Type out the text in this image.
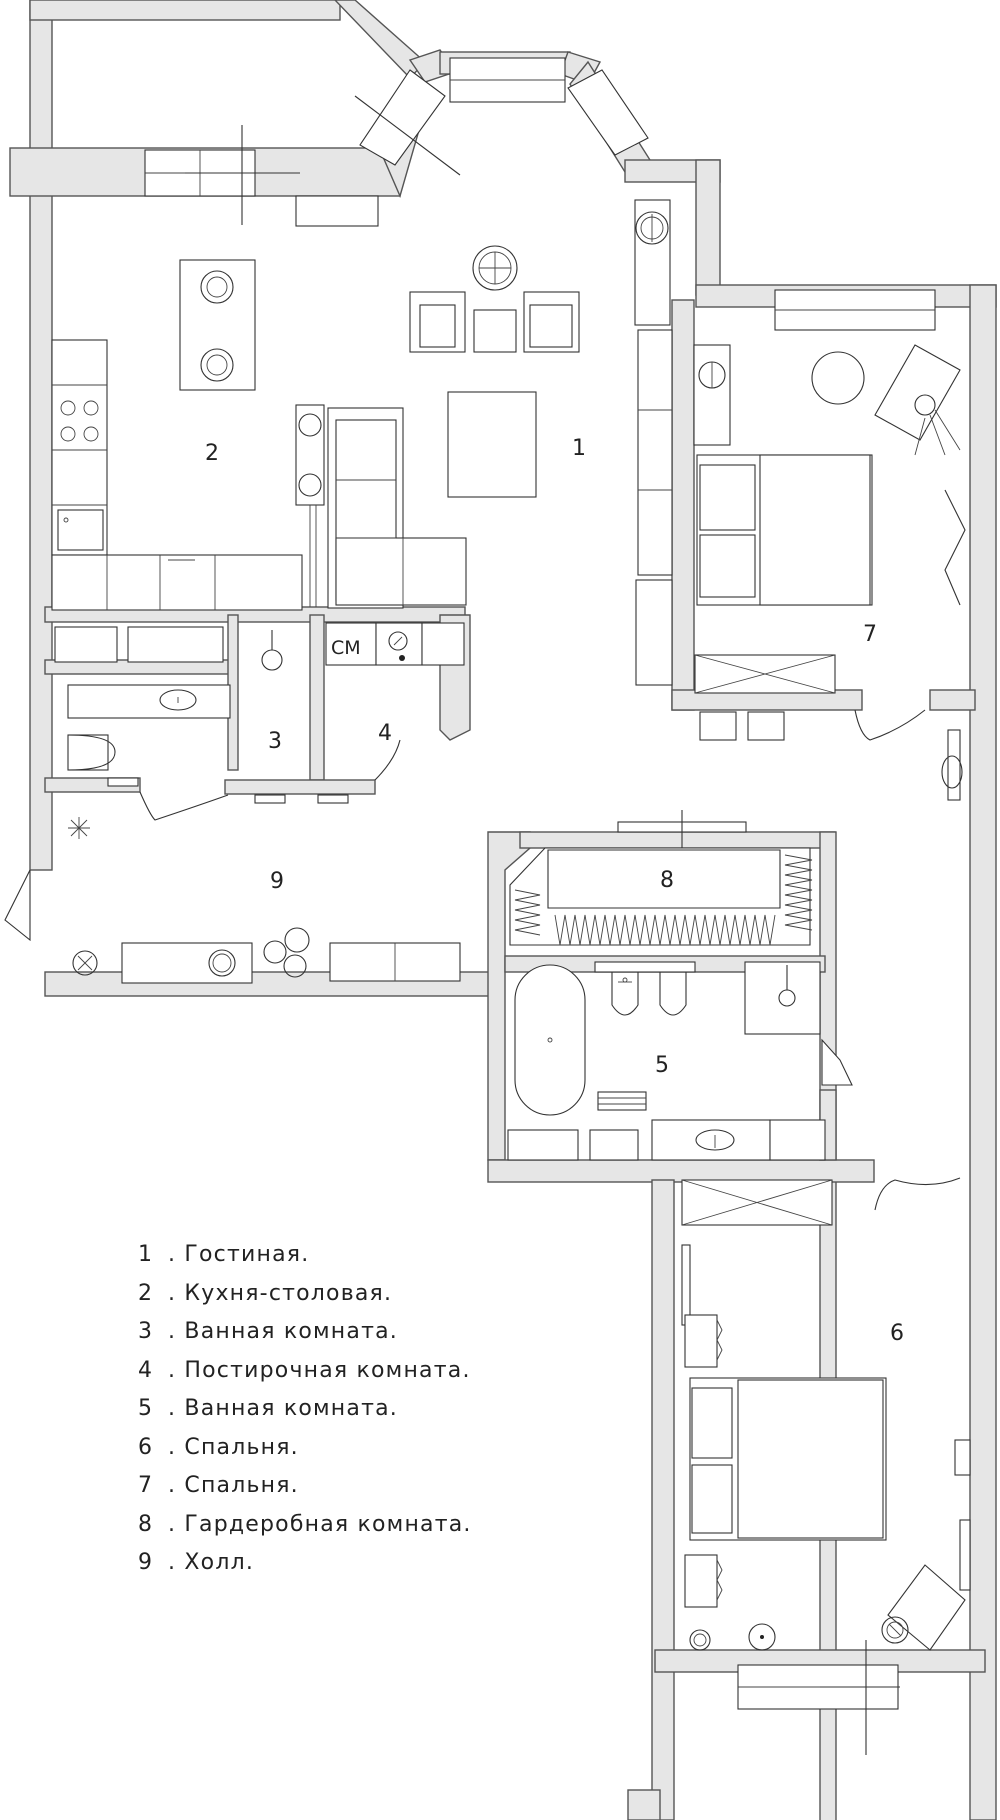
СМ
1
2
3	4
5
6
7
8
9
1 . Гостиная.
2 . Кухня-столовая.
3 . Ванная комната.
4 . Постирочная комната.
5 . Ванная комната.
6 . Спальня.
7 . Спальня.
8 . Гардеробная комната.
9 . Холл.
